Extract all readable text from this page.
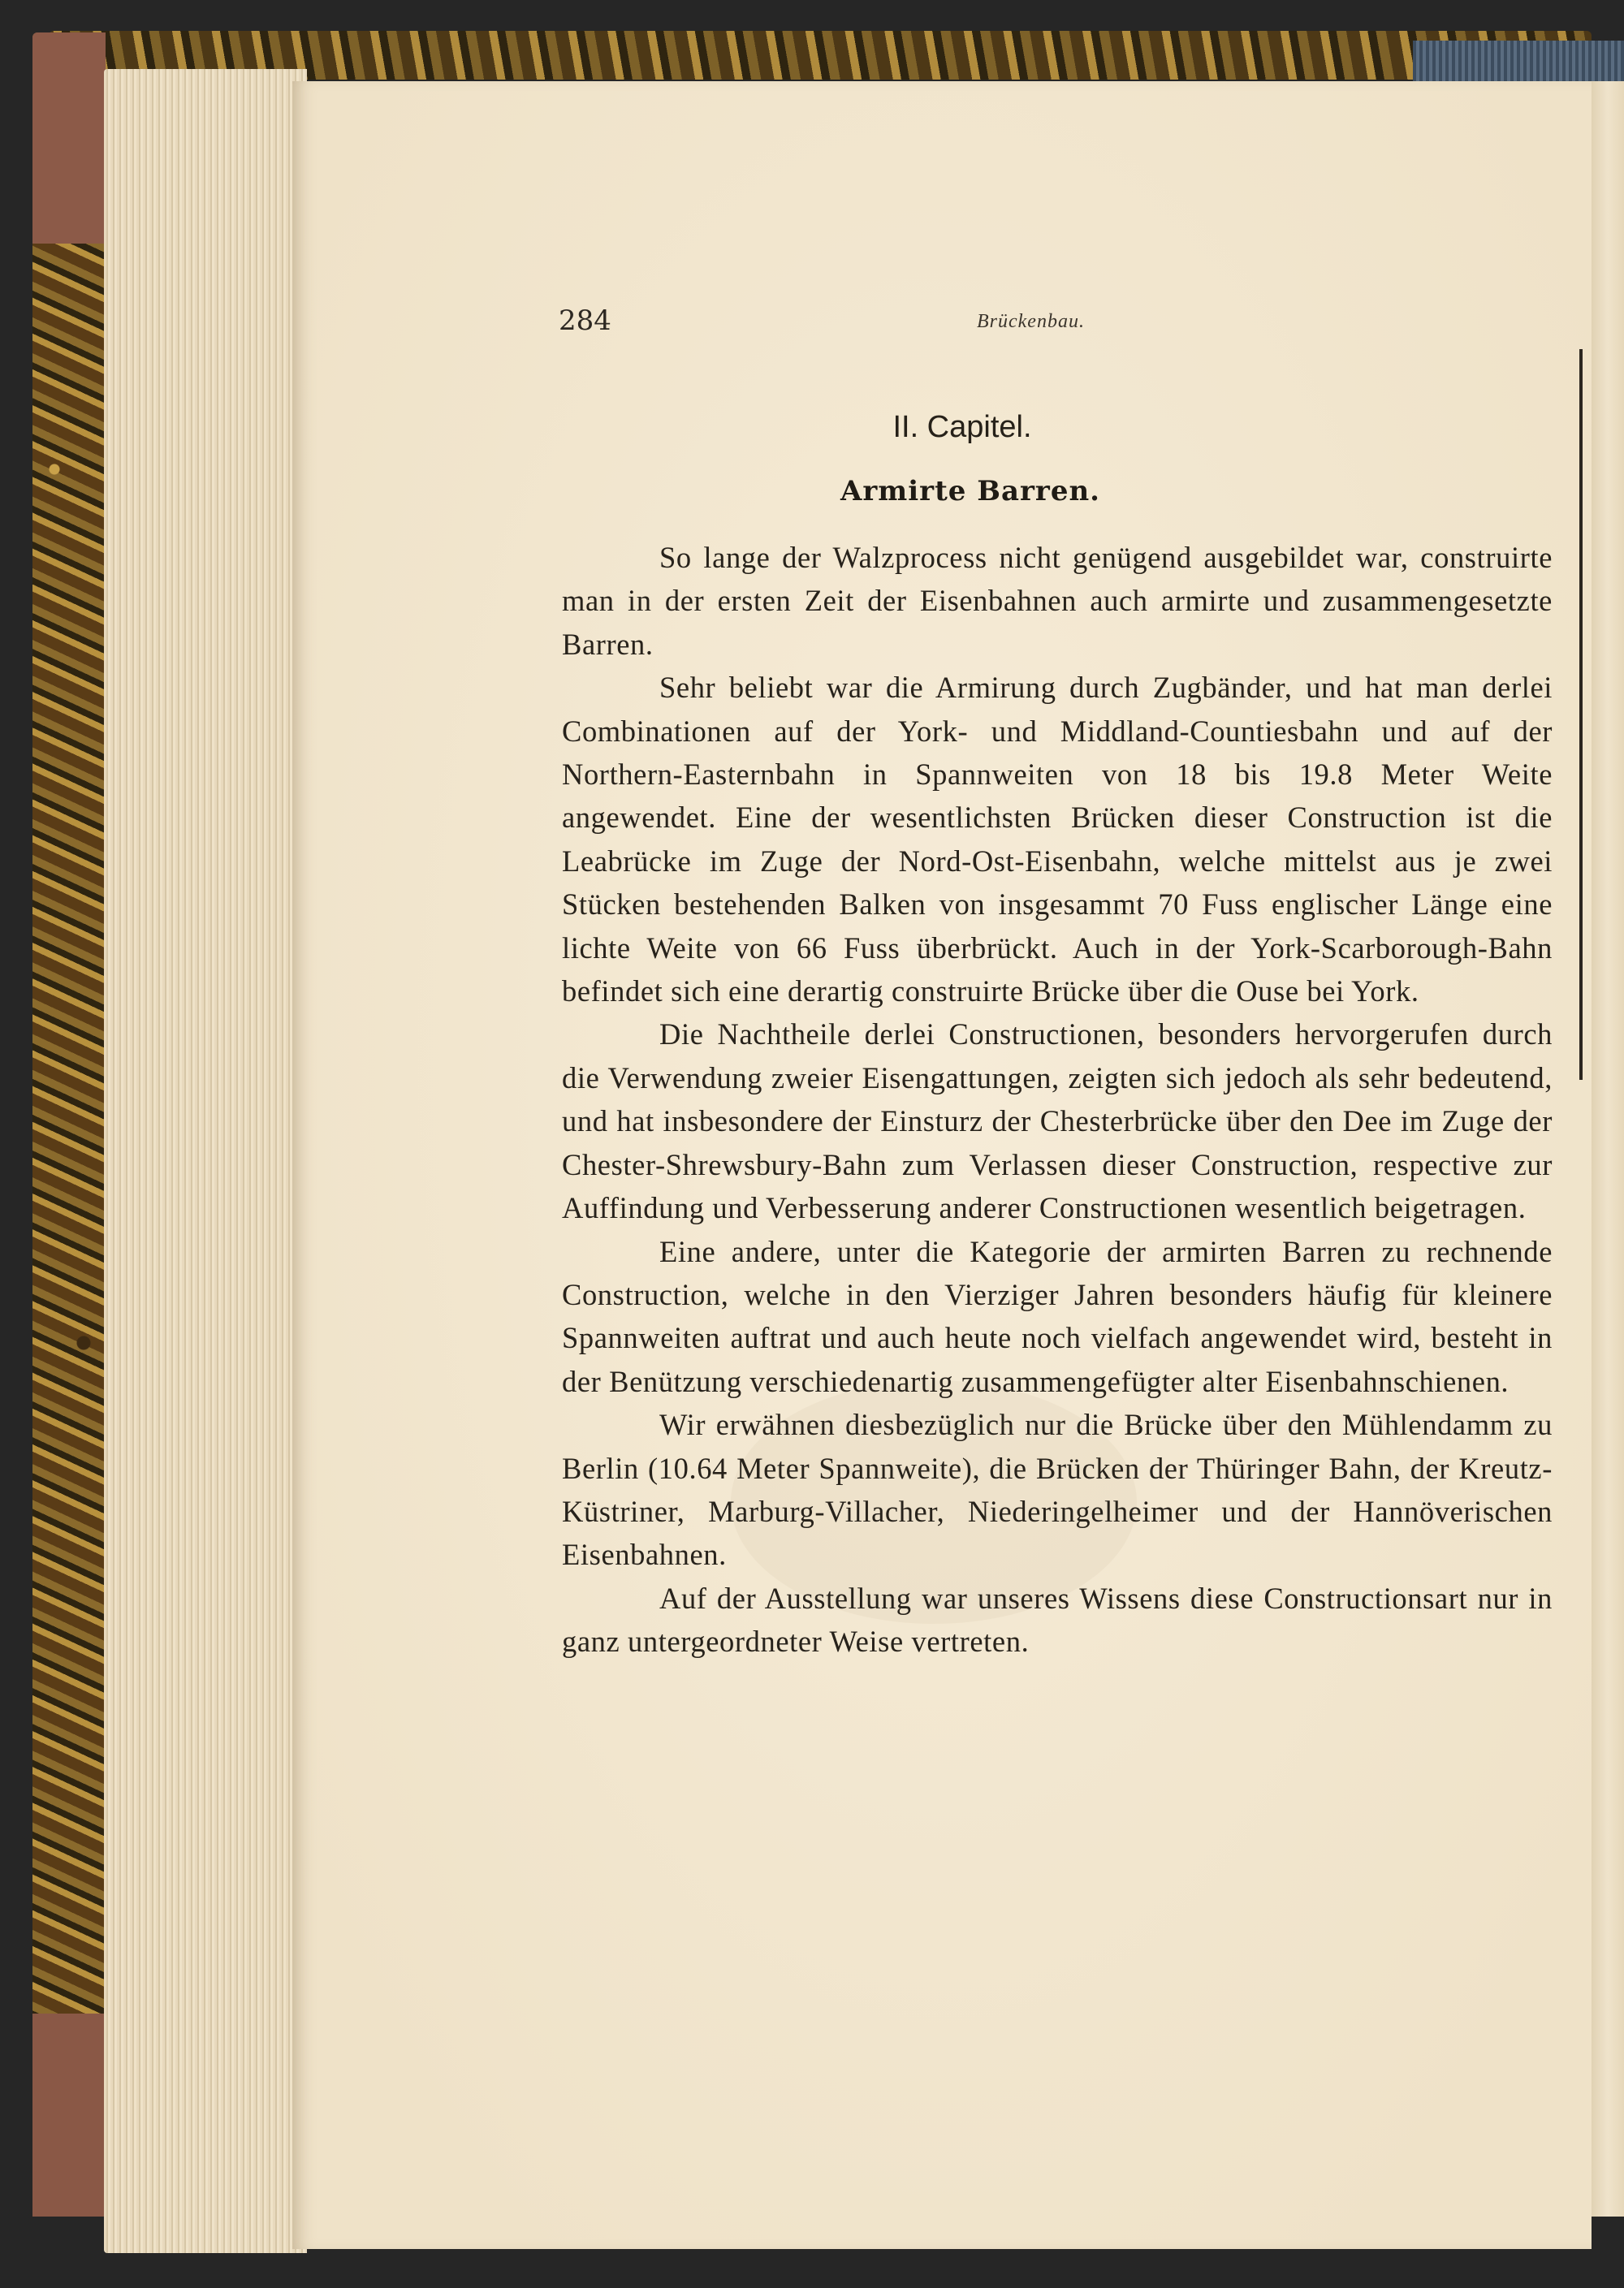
284	Brückenbau.
II. Capitel.
Armirte Barren.

So lange der Walzprocess nicht genügend ausgebildet war, construirte man in der ersten Zeit der Eisenbahnen auch armirte und zusammengesetzte Barren.

Sehr beliebt war die Armirung durch Zugbänder, und hat man derlei Combinationen auf der York- und Middland-Countiesbahn und auf der Northern-Easternbahn in Spannweiten von 18 bis 19.8 Meter Weite angewendet. Eine der wesentlichsten Brücken dieser Construction ist die Leabrücke im Zuge der Nord-Ost-Eisenbahn, welche mittelst aus je zwei Stücken bestehenden Balken von insgesammt 70 Fuss englischer Länge eine lichte Weite von 66 Fuss überbrückt. Auch in der York-Scarborough-Bahn befindet sich eine derartig construirte Brücke über die Ouse bei York.

Die Nachtheile derlei Constructionen, besonders hervorgerufen durch die Verwendung zweier Eisengattungen, zeigten sich jedoch als sehr bedeutend, und hat insbesondere der Einsturz der Chesterbrücke über den Dee im Zuge der Chester-Shrewsbury-Bahn zum Verlassen dieser Construction, respective zur Auffindung und Verbesserung anderer Constructionen wesentlich beigetragen.

Eine andere, unter die Kategorie der armirten Barren zu rechnende Construction, welche in den Vierziger Jahren besonders häufig für kleinere Spannweiten auftrat und auch heute noch vielfach angewendet wird, besteht in der Benützung verschiedenartig zusammengefügter alter Eisenbahnschienen.

Wir erwähnen diesbezüglich nur die Brücke über den Mühlendamm zu Berlin (10.64 Meter Spannweite), die Brücken der Thüringer Bahn, der Kreutz-Küstriner, Marburg-Villacher, Niederingelheimer und der Hannöverischen Eisenbahnen.

Auf der Ausstellung war unseres Wissens diese Constructionsart nur in ganz untergeordneter Weise vertreten.
